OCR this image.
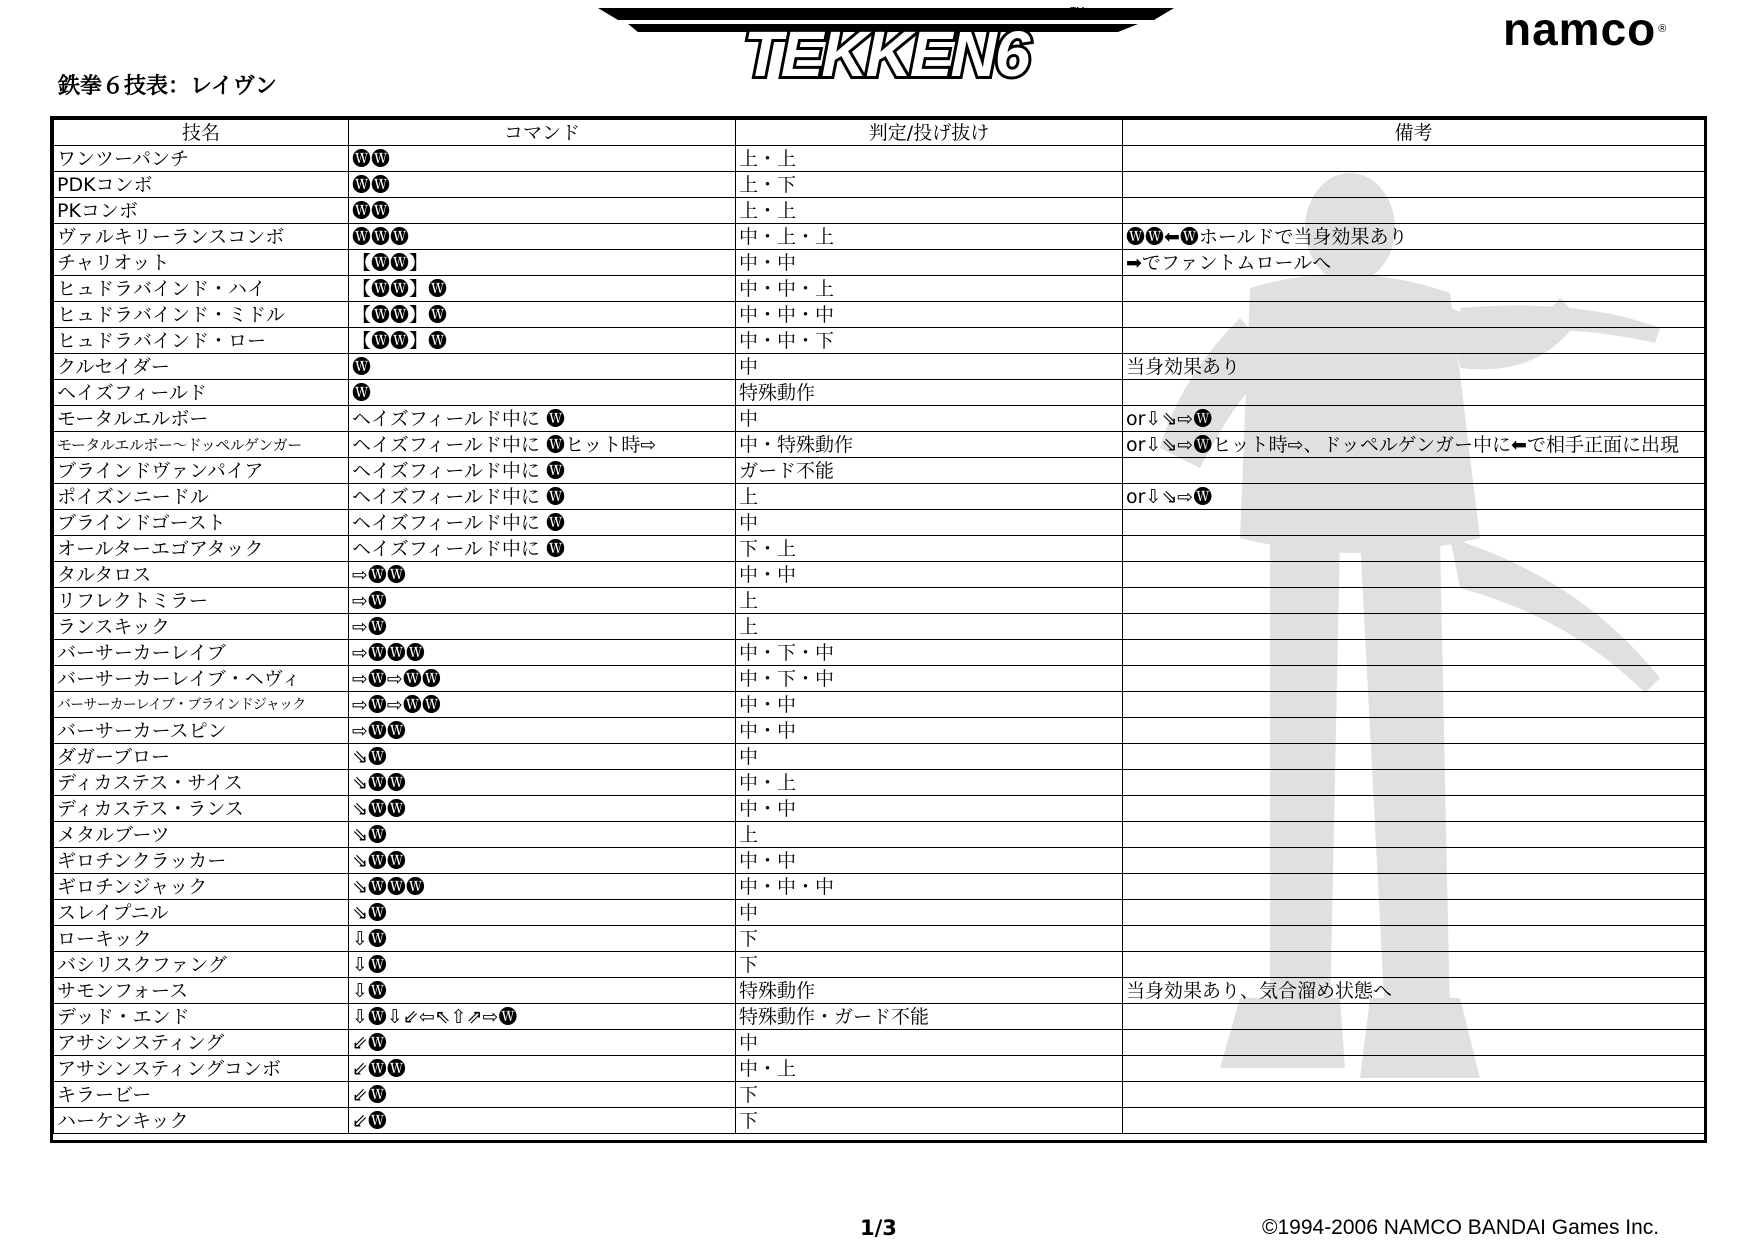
TEKKEN6
TM	namco ®
鉄拳６技表：レイヴン
技名	コマンド	判定/投げ抜け	備考
ワンツーパンチ	🅦🅦	上・上	
PDKコンボ	🅦🅦	上・下	
PKコンボ	🅦🅦	上・上	
ヴァルキリーランスコンボ	🅦🅦🅦	中・上・上	🅦🅦⬅🅦ホールドで当身効果あり
チャリオット	【🅦🅦】	中・中	➡でファントムロールへ
ヒュドラバインド・ハイ	【🅦🅦】🅦	中・中・上	
ヒュドラバインド・ミドル	【🅦🅦】🅦	中・中・中	
ヒュドラバインド・ロー	【🅦🅦】🅦	中・中・下	
クルセイダー	🅦	中	当身効果あり
ヘイズフィールド	🅦	特殊動作	
モータルエルボー	ヘイズフィールド中に 🅦	中	or⇩⇘⇨🅦
モータルエルボー～ドッペルゲンガー	ヘイズフィールド中に 🅦ヒット時⇨	中・特殊動作	or⇩⇘⇨🅦ヒット時⇨、ドッペルゲンガー中に⬅で相手正面に出現
ブラインドヴァンパイア	ヘイズフィールド中に 🅦	ガード不能	
ポイズンニードル	ヘイズフィールド中に 🅦	上	or⇩⇘⇨🅦
ブラインドゴースト	ヘイズフィールド中に 🅦	中	
オールターエゴアタック	ヘイズフィールド中に 🅦	下・上	
タルタロス	⇨🅦🅦	中・中	
リフレクトミラー	⇨🅦	上	
ランスキック	⇨🅦	上	
バーサーカーレイブ	⇨🅦🅦🅦	中・下・中	
バーサーカーレイブ・ヘヴィ	⇨🅦⇨🅦🅦	中・下・中	
バーサーカーレイブ・ブラインドジャック	⇨🅦⇨🅦🅦	中・中	
バーサーカースピン	⇨🅦🅦	中・中	
ダガーブロー	⇘🅦	中	
ディカステス・サイス	⇘🅦🅦	中・上	
ディカステス・ランス	⇘🅦🅦	中・中	
メタルブーツ	⇘🅦	上	
ギロチンクラッカー	⇘🅦🅦	中・中	
ギロチンジャック	⇘🅦🅦🅦	中・中・中	
スレイプニル	⇘🅦	中	
ローキック	⇩🅦	下	
バシリスクファング	⇩🅦	下	
サモンフォース	⇩🅦	特殊動作	当身効果あり、気合溜め状態へ
デッド・エンド	⇩🅦⇩⇙⇦⇖⇧⇗⇨🅦	特殊動作・ガード不能	
アサシンスティング	⇙🅦	中	
アサシンスティングコンボ	⇙🅦🅦	中・上	
キラービー	⇙🅦	下	
ハーケンキック	⇙🅦	下	
1/3	©1994-2006 NAMCO BANDAI Games Inc.
